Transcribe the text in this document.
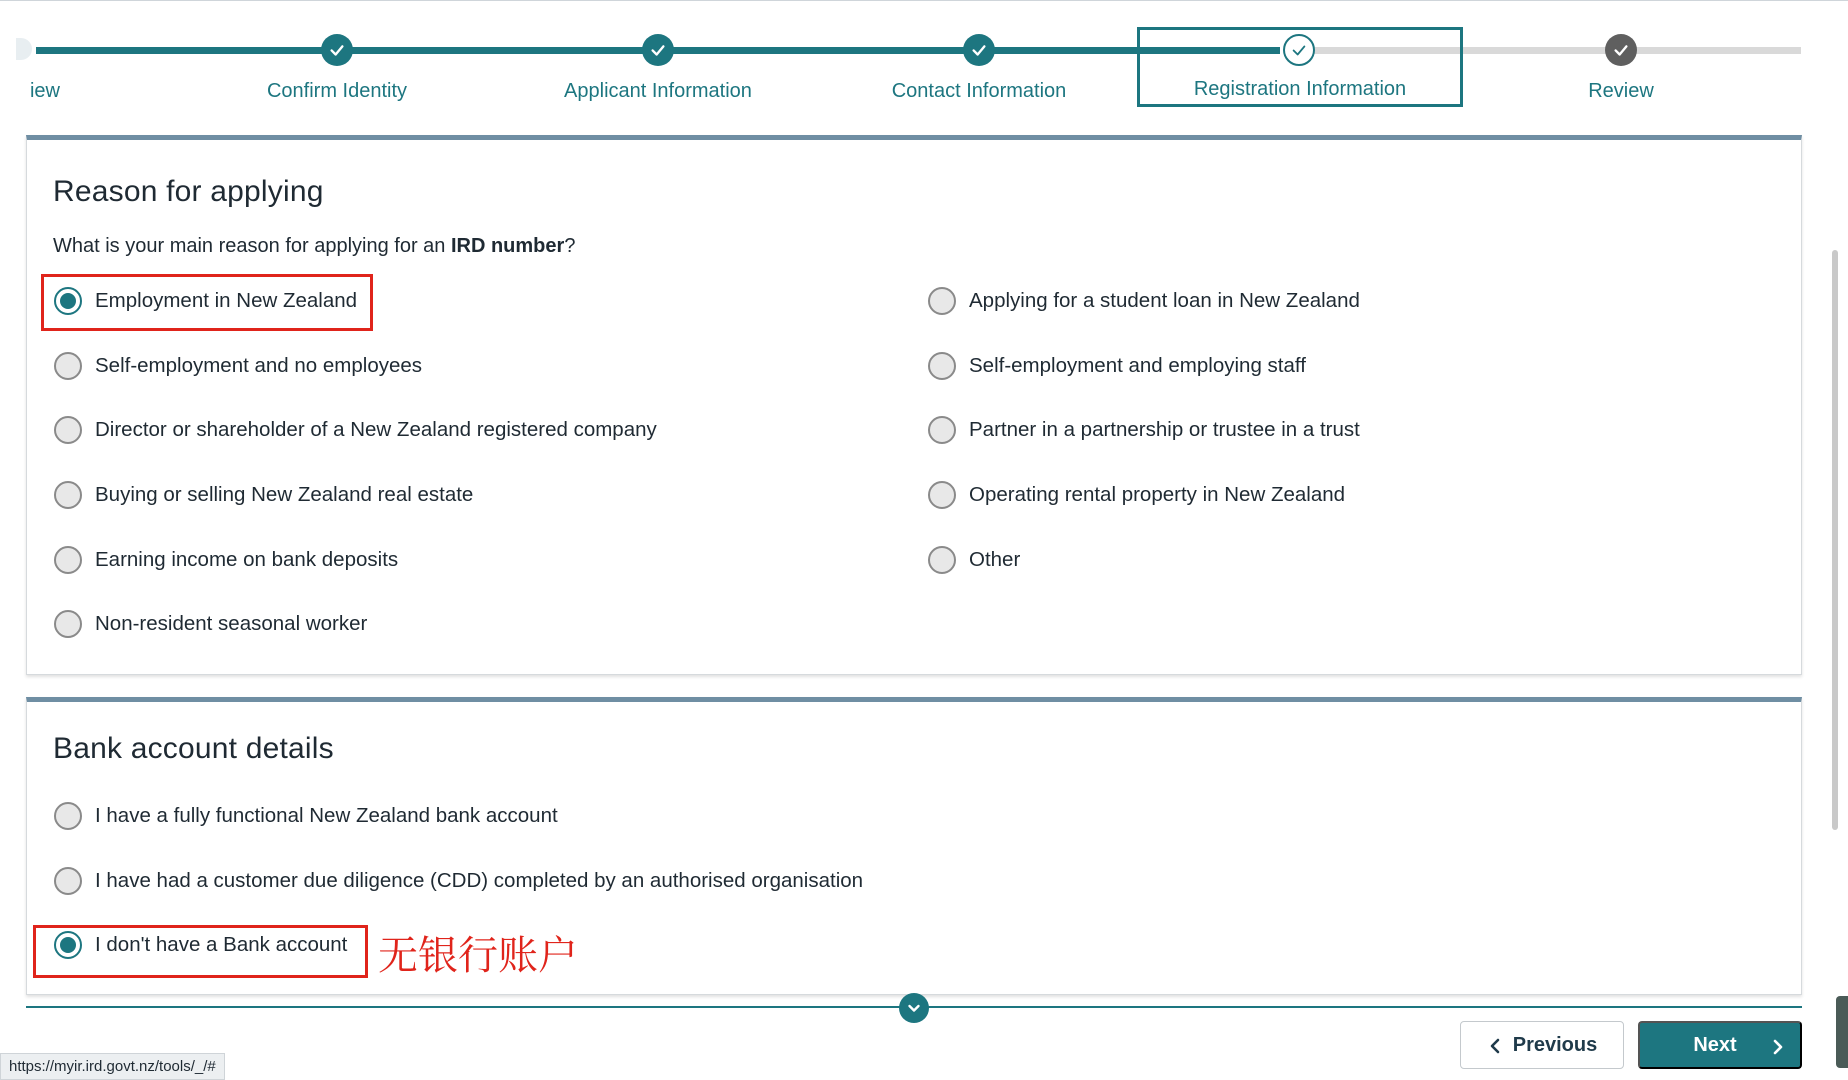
iew	Confirm Identity	Applicant Information	Contact Information	Registration Information	Review
Reason for applying

What is your main reason for applying for an IRD number?

Employment in New Zealand	Applying for a student loan in New Zealand
Self-employment and no employees	Self-employment and employing staff
Director or shareholder of a New Zealand registered company	Partner in a partnership or trustee in a trust
Buying or selling New Zealand real estate	Operating rental property in New Zealand
Earning income on bank deposits	Other
Non-resident seasonal worker
Bank account details
I have a fully functional New Zealand bank account
I have had a customer due diligence (CDD) completed by an authorised organisation
I don't have a Bank account 无银行账户
Previous	Next
https://myir.ird.govt.nz/tools/_/#
